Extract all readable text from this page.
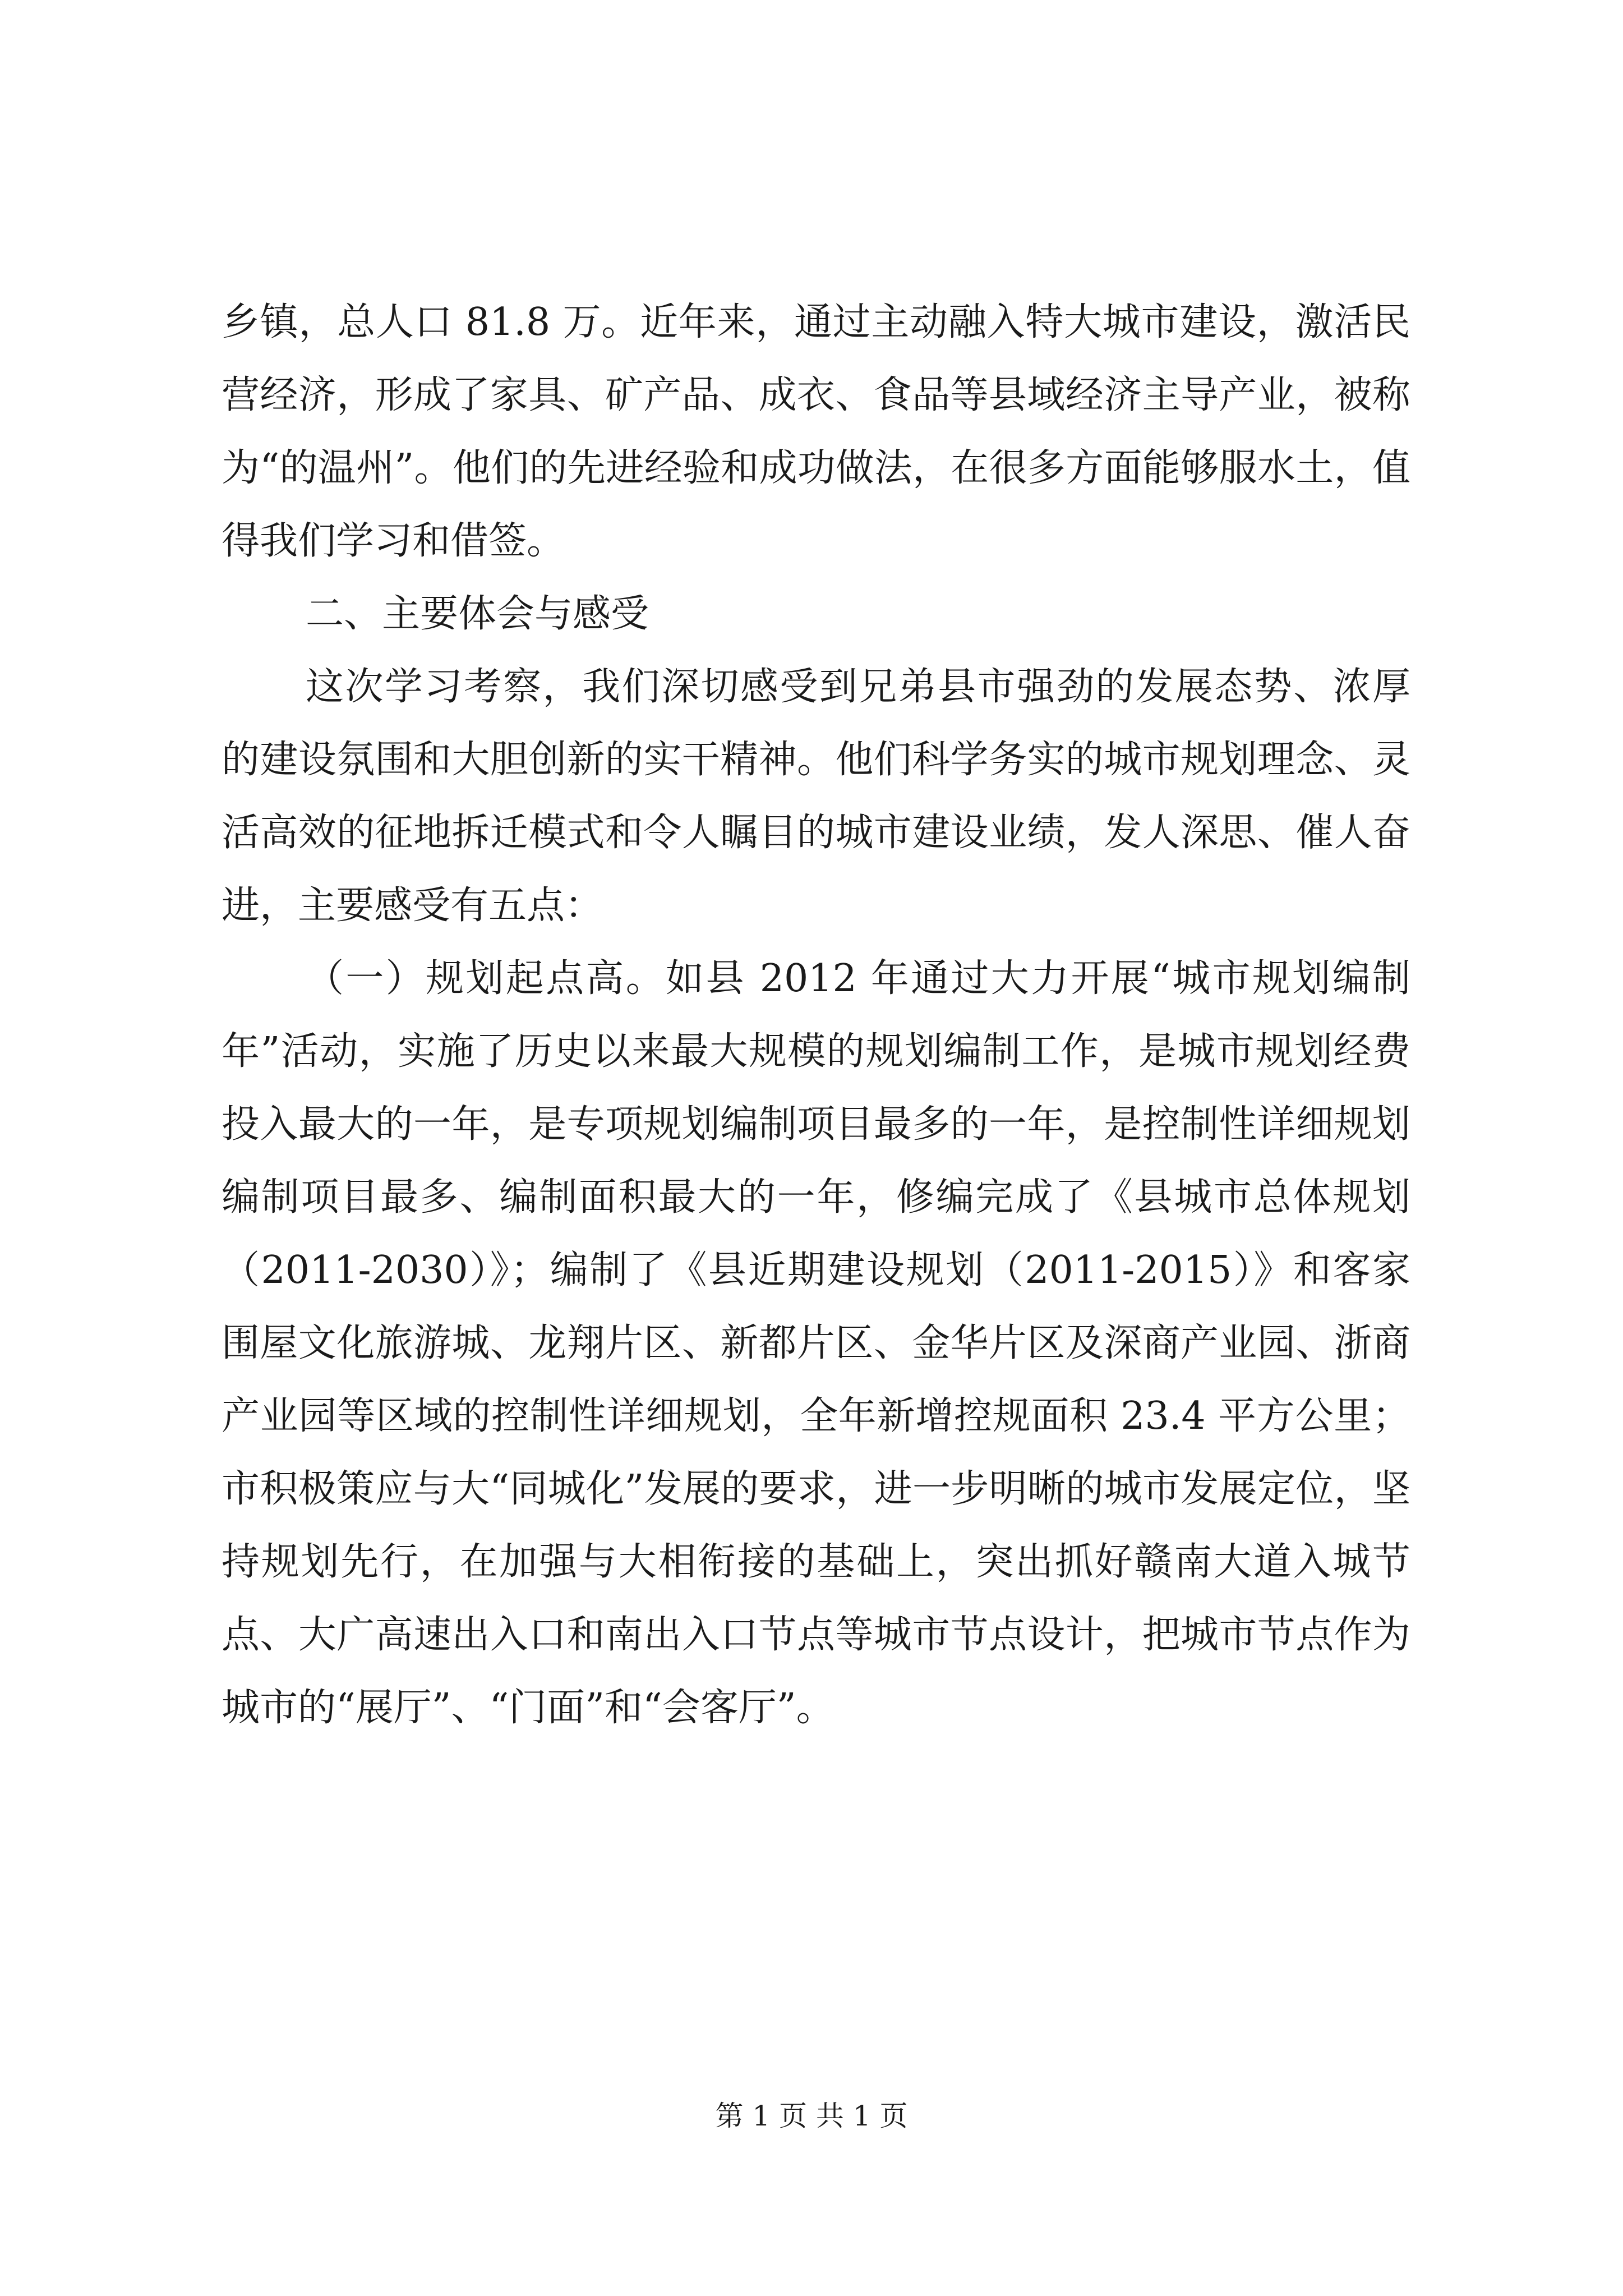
乡镇，总人口 81.8 万。近年来，通过主动融入特大城市建设，激活民营经济，形成了家具、矿产品、成衣、食品等县域经济主导产业，被称为“的温州”。他们的先进经验和成功做法，在很多方面能够服水土，值得我们学习和借签。

二、主要体会与感受

这次学习考察，我们深切感受到兄弟县市强劲的发展态势、浓厚的建设氛围和大胆创新的实干精神。他们科学务实的城市规划理念、灵活高效的征地拆迁模式和令人瞩目的城市建设业绩，发人深思、催人奋进，主要感受有五点：

（一）规划起点高。如县 2012 年通过大力开展“城市规划编制年”活动，实施了历史以来最大规模的规划编制工作，是城市规划经费投入最大的一年，是专项规划编制项目最多的一年，是控制性详细规划编制项目最多、编制面积最大的一年，修编完成了《县城市总体规划（2011-2030）》；编制了《县近期建设规划（2011-2015）》和客家围屋文化旅游城、龙翔片区、新都片区、金华片区及深商产业园、浙商产业园等区域的控制性详细规划，全年新增控规面积 23.4 平方公里；市积极策应与大“同城化”发展的要求，进一步明晰的城市发展定位，坚持规划先行，在加强与大相衔接的基础上，突出抓好赣南大道入城节点、大广高速出入口和南出入口节点等城市节点设计，把城市节点作为城市的“展厅”、“门面”和“会客厅”。

第 1 页 共 1 页
